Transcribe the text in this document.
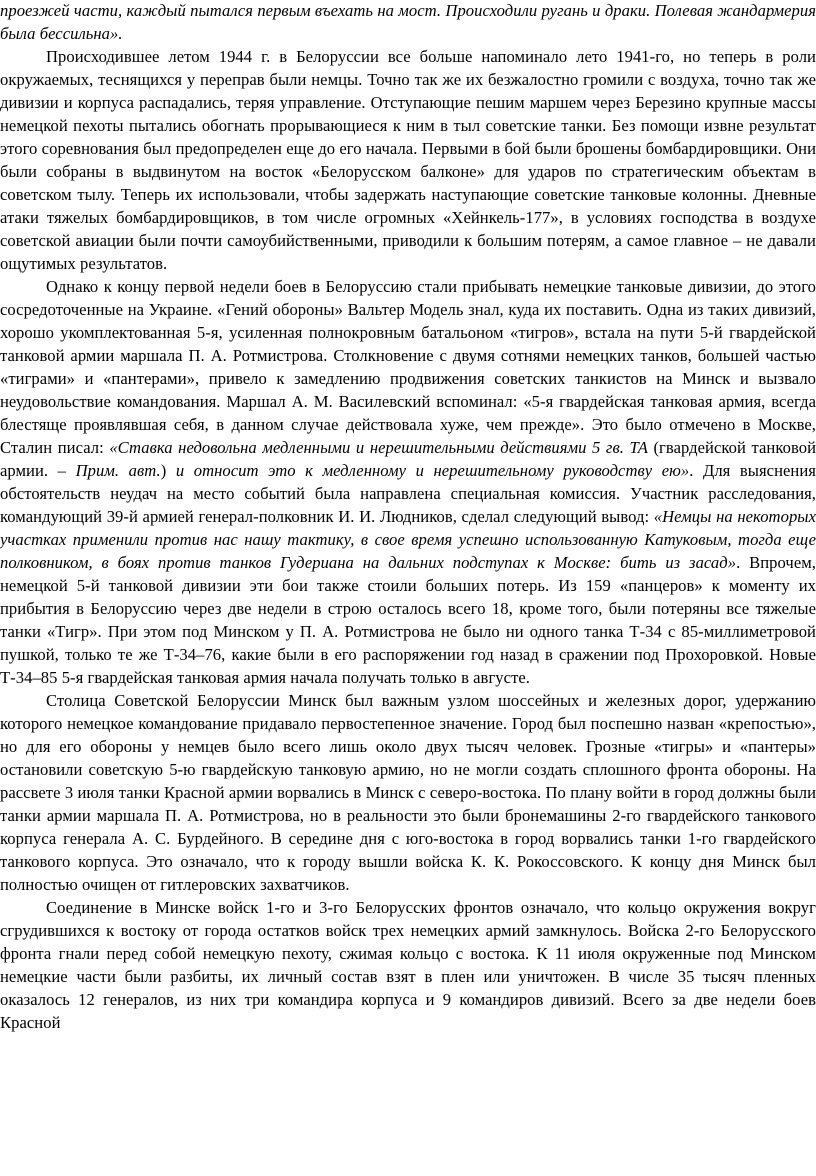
проезжей части, каждый пытался первым въехать на мост. Происходили ругань и драки. Полевая жандармерия была бессильна».

Происходившее летом 1944 г. в Белоруссии все больше напоминало лето 1941-го, но теперь в роли окружаемых, теснящихся у переправ были немцы. Точно так же их безжалостно громили с воздуха, точно так же дивизии и корпуса распадались, теряя управление. Отступающие пешим маршем через Березино крупные массы немецкой пехоты пытались обогнать прорывающиеся к ним в тыл советские танки. Без помощи извне результат этого соревнования был предопределен еще до его начала. Первыми в бой были брошены бомбардировщики. Они были собраны в выдвинутом на восток «Белорусском балконе» для ударов по стратегическим объектам в советском тылу. Теперь их использовали, чтобы задержать наступающие советские танковые колонны. Дневные атаки тяжелых бомбардировщиков, в том числе огромных «Хейнкель-177», в условиях господства в воздухе советской авиации были почти самоубийственными, приводили к большим потерям, а самое главное – не давали ощутимых результатов.

Однако к концу первой недели боев в Белоруссию стали прибывать немецкие танковые дивизии, до этого сосредоточенные на Украине. «Гений обороны» Вальтер Модель знал, куда их поставить. Одна из таких дивизий, хорошо укомплектованная 5-я, усиленная полнокровным батальоном «тигров», встала на пути 5-й гвардейской танковой армии маршала П. А. Ротмистрова. Столкновение с двумя сотнями немецких танков, большей частью «тиграми» и «пантерами», привело к замедлению продвижения советских танкистов на Минск и вызвало неудовольствие командования. Маршал А. М. Василевский вспоминал: «5-я гвардейская танковая армия, всегда блестяще проявлявшая себя, в данном случае действовала хуже, чем прежде». Это было отмечено в Москве, Сталин писал: «Ставка недовольна медленными и нерешительными действиями 5 гв. ТА (гвардейской танковой армии. – Прим. авт.) и относит это к медленному и нерешительному руководству ею». Для выяснения обстоятельств неудач на место событий была направлена специальная комиссия. Участник расследования, командующий 39-й армией генерал-полковник И. И. Людников, сделал следующий вывод: «Немцы на некоторых участках применили против нас нашу тактику, в свое время успешно использованную Катуковым, тогда еще полковником, в боях против танков Гудериана на дальних подступах к Москве: бить из засад». Впрочем, немецкой 5-й танковой дивизии эти бои также стоили больших потерь. Из 159 «панцеров» к моменту их прибытия в Белоруссию через две недели в строю осталось всего 18, кроме того, были потеряны все тяжелые танки «Тигр». При этом под Минском у П. А. Ротмистрова не было ни одного танка Т-34 с 85-миллиметровой пушкой, только те же Т-34–76, какие были в его распоряжении год назад в сражении под Прохоровкой. Новые Т-34–85 5-я гвардейская танковая армия начала получать только в августе.

Столица Советской Белоруссии Минск был важным узлом шоссейных и железных дорог, удержанию которого немецкое командование придавало первостепенное значение. Город был поспешно назван «крепостью», но для его обороны у немцев было всего лишь около двух тысяч человек. Грозные «тигры» и «пантеры» остановили советскую 5-ю гвардейскую танковую армию, но не могли создать сплошного фронта обороны. На рассвете 3 июля танки Красной армии ворвались в Минск с северо-востока. По плану войти в город должны были танки армии маршала П. А. Ротмистрова, но в реальности это были бронемашины 2-го гвардейского танкового корпуса генерала А. С. Бурдейного. В середине дня с юго-востока в город ворвались танки 1-го гвардейского танкового корпуса. Это означало, что к городу вышли войска К. К. Рокоссовского. К концу дня Минск был полностью очищен от гитлеровских захватчиков.

Соединение в Минске войск 1-го и 3-го Белорусских фронтов означало, что кольцо окружения вокруг сгрудившихся к востоку от города остатков войск трех немецких армий замкнулось. Войска 2-го Белорусского фронта гнали перед собой немецкую пехоту, сжимая кольцо с востока. К 11 июля окруженные под Минском немецкие части были разбиты, их личный состав взят в плен или уничтожен. В числе 35 тысяч пленных оказалось 12 генералов, из них три командира корпуса и 9 командиров дивизий. Всего за две недели боев Красной
